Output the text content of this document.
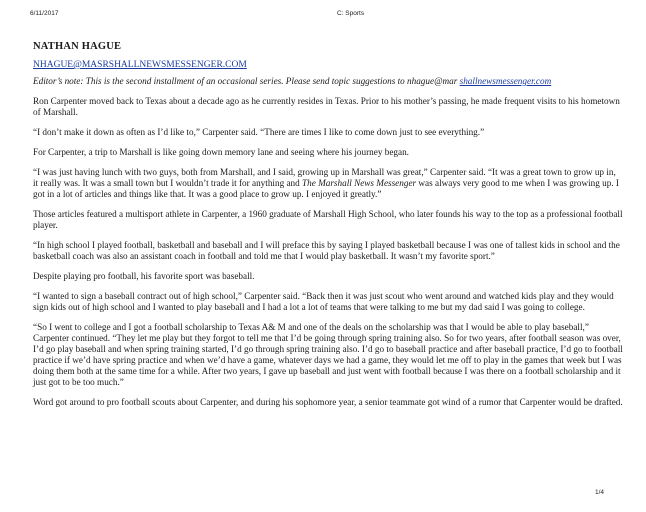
6/11/2017	C: Sports
NATHAN HAGUE
NHAGUE@MASRSHALLNEWSMESSENGER.COM

Editor’s note: This is the second installment of an occasional series. Please send topic suggestions to nhague@mar shallnewsmessenger.com

Ron Carpenter moved back to Texas about a decade ago as he currently resides in Texas. Prior to his mother’s passing, he made frequent visits to his hometown of Marshall.

“I don’t make it down as often as I’d like to,” Carpenter said. “There are times I like to come down just to see everything.”

For Carpenter, a trip to Marshall is like going down memory lane and seeing where his journey began.

“I was just having lunch with two guys, both from Marshall, and I said, growing up in Marshall was great,” Carpenter said. “It was a great town to grow up in, it really was. It was a small town but I wouldn’t trade it for anything and The Marshall News Messenger was always very good to me when I was growing up. I got in a lot of articles and things like that. It was a good place to grow up. I enjoyed it greatly.”

Those articles featured a multisport athlete in Carpenter, a 1960 graduate of Marshall High School, who later founds his way to the top as a professional football player.

“In high school I played football, basketball and baseball and I will preface this by saying I played basketball because I was one of tallest kids in school and the basketball coach was also an assistant coach in football and told me that I would play basketball. It wasn’t my favorite sport.”

Despite playing pro football, his favorite sport was baseball.

“I wanted to sign a baseball contract out of high school,” Carpenter said. “Back then it was just scout who went around and watched kids play and they would sign kids out of high school and I wanted to play baseball and I had a lot a lot of teams that were talking to me but my dad said I was going to college.

“So I went to college and I got a football scholarship to Texas A& M and one of the deals on the scholarship was that I would be able to play baseball,” Carpenter continued. “They let me play but they forgot to tell me that I’d be going through spring training also. So for two years, after football season was over, I’d go play baseball and when spring training started, I’d go through spring training also. I’d go to baseball practice and after baseball practice, I’d go to football practice if we’d have spring practice and when we’d have a game, whatever days we had a game, they would let me off to play in the games that week but I was doing them both at the same time for a while. After two years, I gave up baseball and just went with football because I was there on a football scholarship and it just got to be too much.”

Word got around to pro football scouts about Carpenter, and during his sophomore year, a senior teammate got wind of a rumor that Carpenter would be drafted.

1/4
